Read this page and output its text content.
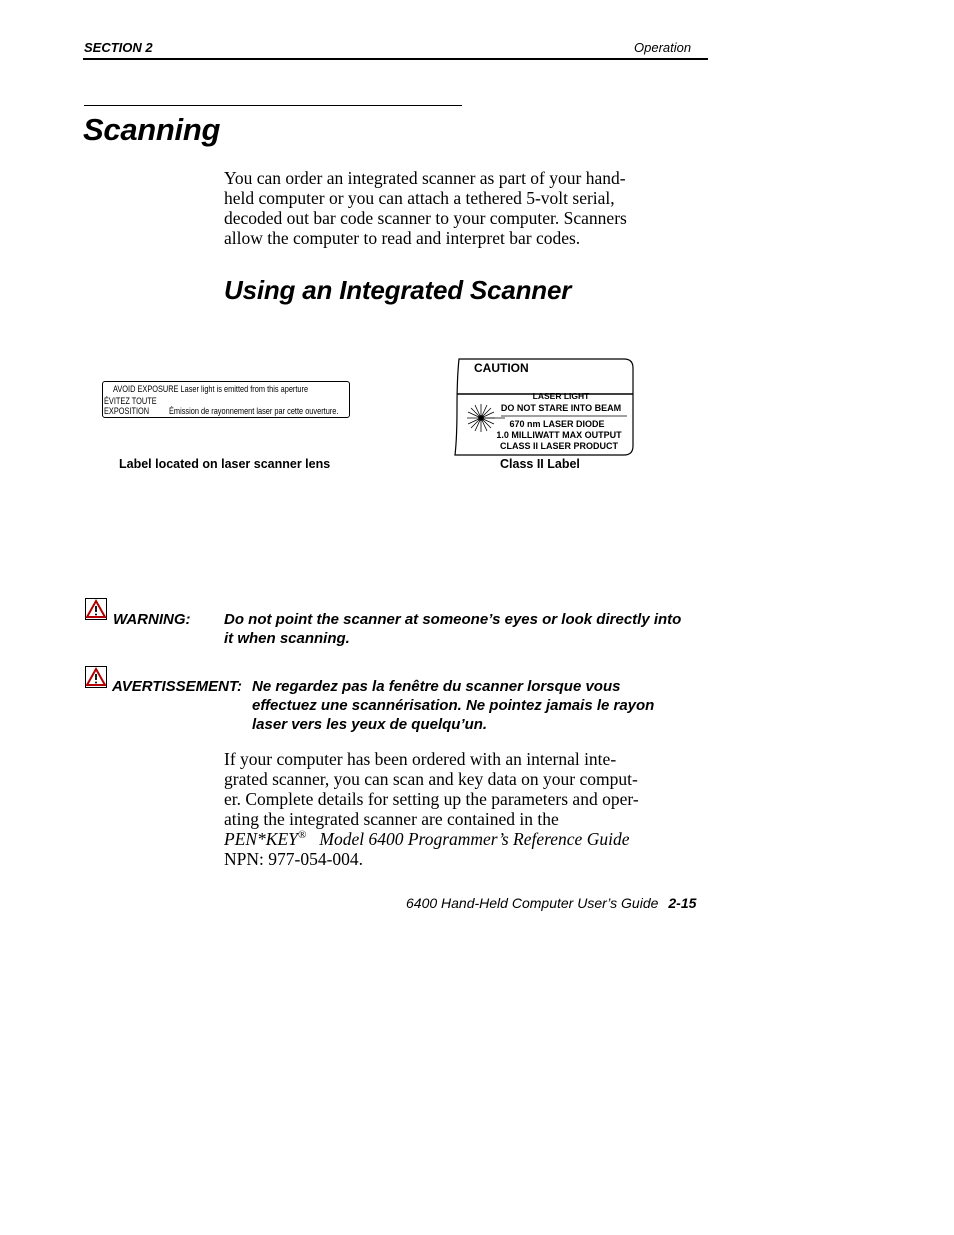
SECTION 2	Operation
Scanning
You can order an integrated scanner as part of your hand-
held computer or you can attach a tethered 5-volt serial,
decoded out bar code scanner to your computer. Scanners
allow the computer to read and interpret bar codes.
Using an Integrated Scanner
AVOID EXPOSURE Laser light is emitted from this aperture
ÉVITEZ TOUTE
EXPOSITION Émission de rayonnement laser par cette ouverture.
Label located on laser scanner lens
CAUTION
LASER LIGHT
DO NOT STARE INTO BEAM
670 nm LASER DIODE
1.0 MILLIWATT MAX OUTPUT
CLASS II LASER PRODUCT
Class II Label
WARNING: Do not point the scanner at someone’s eyes or look directly into it when scanning.
AVERTISSEMENT: Ne regardez pas la fenêtre du scanner lorsque vous
effectuez une scannérisation. Ne pointez jamais le rayon laser vers les yeux de quelqu’un.
If your computer has been ordered with an internal inte-
grated scanner, you can scan and key data on your comput-
er. Complete details for setting up the parameters and oper-
ating the integrated scanner are contained in the
PEN*KEY® Model 6400 Programmer’s Reference Guide
NPN: 977-054-004.
6400 Hand-Held Computer User’s Guide 2-15
